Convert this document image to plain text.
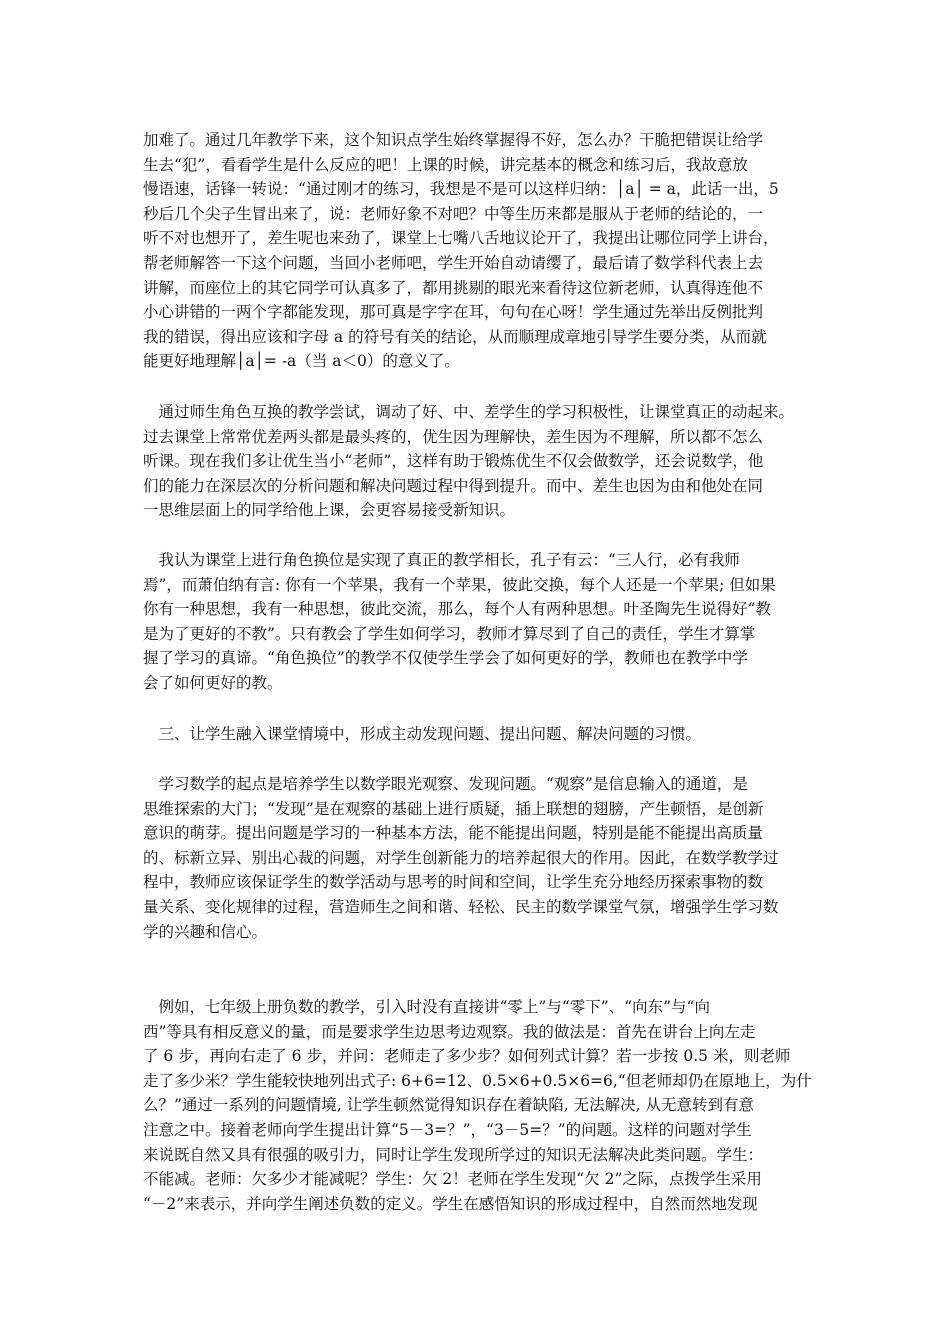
加难了。通过几年教学下来，这个知识点学生始终掌握得不好，怎么办？干脆把错误让给学
生去“犯”，看看学生是什么反应的吧！上课的时候，讲完基本的概念和练习后，我故意放
慢语速，话锋一转说：“通过刚才的练习，我想是不是可以这样归纳：│a│ = a，此话一出，5
秒后几个尖子生冒出来了，说：老师好象不对吧？中等生历来都是服从于老师的结论的，一
听不对也想开了，差生呢也来劲了，课堂上七嘴八舌地议论开了，我提出让哪位同学上讲台，
帮老师解答一下这个问题，当回小老师吧，学生开始自动请缨了，最后请了数学科代表上去
讲解，而座位上的其它同学可认真多了，都用挑剔的眼光来看待这位新老师，认真得连他不
小心讲错的一两个字都能发现，那可真是字字在耳，句句在心呀！学生通过先举出反例批判
我的错误，得出应该和字母 a 的符号有关的结论，从而顺理成章地引导学生要分类，从而就
能更好地理解│a│= -a（当 a＜0）的意义了。
　通过师生角色互换的教学尝试，调动了好、中、差学生的学习积极性，让课堂真正的动起来。
过去课堂上常常优差两头都是最头疼的，优生因为理解快，差生因为不理解，所以都不怎么
听课。现在我们多让优生当小“老师”，这样有助于锻炼优生不仅会做数学，还会说数学，他
们的能力在深层次的分析问题和解决问题过程中得到提升。而中、差生也因为由和他处在同
一思维层面上的同学给他上课，会更容易接受新知识。
　我认为课堂上进行角色换位是实现了真正的教学相长，孔子有云：“三人行，必有我师
焉”，而萧伯纳有言: 你有一个苹果，我有一个苹果，彼此交换，每个人还是一个苹果; 但如果
你有一种思想，我有一种思想，彼此交流，那么，每个人有两种思想。叶圣陶先生说得好“教
是为了更好的不教”。只有教会了学生如何学习，教师才算尽到了自己的责任，学生才算掌
握了学习的真谛。“角色换位”的教学不仅使学生学会了如何更好的学，教师也在教学中学
会了如何更好的教。
　三、让学生融入课堂情境中，形成主动发现问题、提出问题、解决问题的习惯。
　学习数学的起点是培养学生以数学眼光观察、发现问题。“观察”是信息输入的通道，是
思维探索的大门；“发现”是在观察的基础上进行质疑，插上联想的翅膀，产生顿悟，是创新
意识的萌芽。提出问题是学习的一种基本方法，能不能提出问题，特别是能不能提出高质量
的、标新立异、别出心裁的问题，对学生创新能力的培养起很大的作用。因此，在数学教学过
程中，教师应该保证学生的数学活动与思考的时间和空间，让学生充分地经历探索事物的数
量关系、变化规律的过程，营造师生之间和谐、轻松、民主的数学课堂气氛，增强学生学习数
学的兴趣和信心。
　例如，七年级上册负数的教学，引入时没有直接讲“零上”与“零下”、“向东”与“向
西”等具有相反意义的量，而是要求学生边思考边观察。我的做法是：首先在讲台上向左走
了 6 步，再向右走了 6 步，并问：老师走了多少步？如何列式计算？若一步按 0.5 米，则老师
走了多少米？学生能较快地列出式子: 6+6=12、0.5×6+0.5×6=6,“但老师却仍在原地上，为什
么？”通过一系列的问题情境, 让学生顿然觉得知识存在着缺陷, 无法解决, 从无意转到有意
注意之中。接着老师向学生提出计算“5－3=？”，“3－5=？”的问题。这样的问题对学生
来说既自然又具有很强的吸引力，同时让学生发现所学过的知识无法解决此类问题。学生：
不能减。老师：欠多少才能减呢？学生：欠 2！老师在学生发现“欠 2”之际，点拨学生采用
“－2”来表示，并向学生阐述负数的定义。学生在感悟知识的形成过程中，自然而然地发现
